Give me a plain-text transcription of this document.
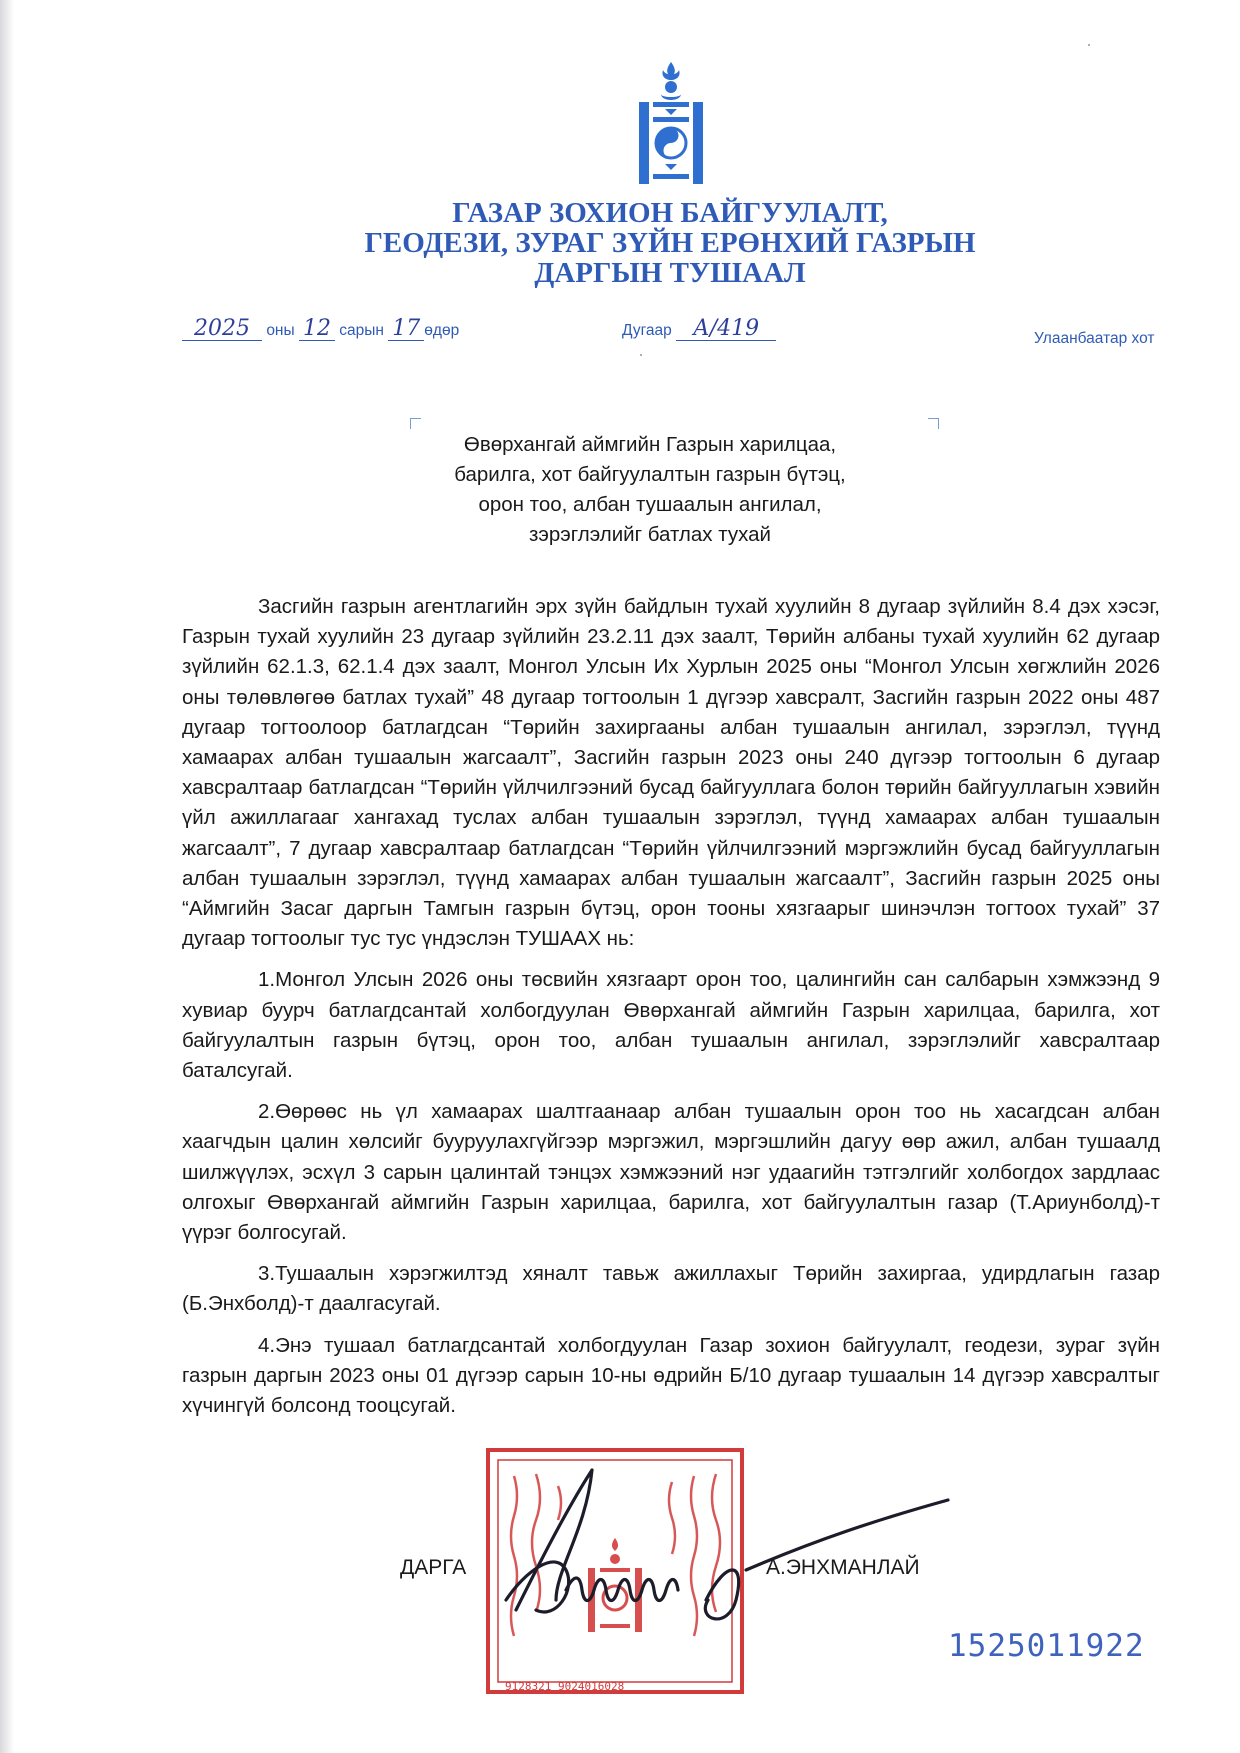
ГАЗАР ЗОХИОН БАЙГУУЛАЛТ,
ГЕОДЕЗИ, ЗУРАГ ЗҮЙН ЕРӨНХИЙ ГАЗРЫН
ДАРГЫН ТУШААЛ
2025 оны 12 сарын 17 өдөр	Дугаар А/419	Улаанбаатар хот
Өвөрхангай аймгийн Газрын харилцаа,
барилга, хот байгуулалтын газрын бүтэц,
орон тоо, албан тушаалын ангилал,
зэрэглэлийг батлах тухай

Засгийн газрын агентлагийн эрх зүйн байдлын тухай хуулийн 8 дугаар зүйлийн 8.4 дэх хэсэг, Газрын тухай хуулийн 23 дугаар зүйлийн 23.2.11 дэх заалт, Төрийн албаны тухай хуулийн 62 дугаар зүйлийн 62.1.3, 62.1.4 дэх заалт, Монгол Улсын Их Хурлын 2025 оны “Монгол Улсын хөгжлийн 2026 оны төлөвлөгөө батлах тухай” 48 дугаар тогтоолын 1 дүгээр хавсралт, Засгийн газрын 2022 оны 487 дугаар тогтоолоор батлагдсан “Төрийн захиргааны албан тушаалын ангилал, зэрэглэл, түүнд хамаарах албан тушаалын жагсаалт”, Засгийн газрын 2023 оны 240 дүгээр тогтоолын 6 дугаар хавсралтаар батлагдсан “Төрийн үйлчилгээний бусад байгууллага болон төрийн байгууллагын хэвийн үйл ажиллагааг хангахад туслах албан тушаалын зэрэглэл, түүнд хамаарах албан тушаалын жагсаалт”, 7 дугаар хавсралтаар батлагдсан “Төрийн үйлчилгээний мэргэжлийн бусад байгууллагын албан тушаалын зэрэглэл, түүнд хамаарах албан тушаалын жагсаалт”, Засгийн газрын 2025 оны “Аймгийн Засаг даргын Тамгын газрын бүтэц, орон тооны хязгаарыг шинэчлэн тогтоох тухай” 37 дугаар тогтоолыг тус тус үндэслэн ТУШААХ нь:

1.Монгол Улсын 2026 оны төсвийн хязгаарт орон тоо, цалингийн сан салбарын хэмжээнд 9 хувиар буурч батлагдсантай холбогдуулан Өвөрхангай аймгийн Газрын харилцаа, барилга, хот байгуулалтын газрын бүтэц, орон тоо, албан тушаалын ангилал, зэрэглэлийг хавсралтаар баталсугай.

2.Өөрөөс нь үл хамаарах шалтгаанаар албан тушаалын орон тоо нь хасагдсан албан хаагчдын цалин хөлсийг бууруулахгүйгээр мэргэжил, мэргэшлийн дагуу өөр ажил, албан тушаалд шилжүүлэх, эсхүл 3 сарын цалинтай тэнцэх хэмжээний нэг удаагийн тэтгэлгийг холбогдох зардлаас олгохыг Өвөрхангай аймгийн Газрын харилцаа, барилга, хот байгуулалтын газар (Т.Ариунболд)-т үүрэг болгосугай.

3.Тушаалын хэрэгжилтэд хяналт тавьж ажиллахыг Төрийн захиргаа, удирдлагын газар (Б.Энхболд)-т даалгасугай.

4.Энэ тушаал батлагдсантай холбогдуулан Газар зохион байгуулалт, геодези, зураг зүйн газрын даргын 2023 оны 01 дүгээр сарын 10-ны өдрийн Б/10 дугаар тушаалын 14 дүгээр хавсралтыг хүчингүй болсонд тооцсугай.

9128321 9024016028
ДАРГА	А.ЭНХМАНЛАЙ
1525011922
